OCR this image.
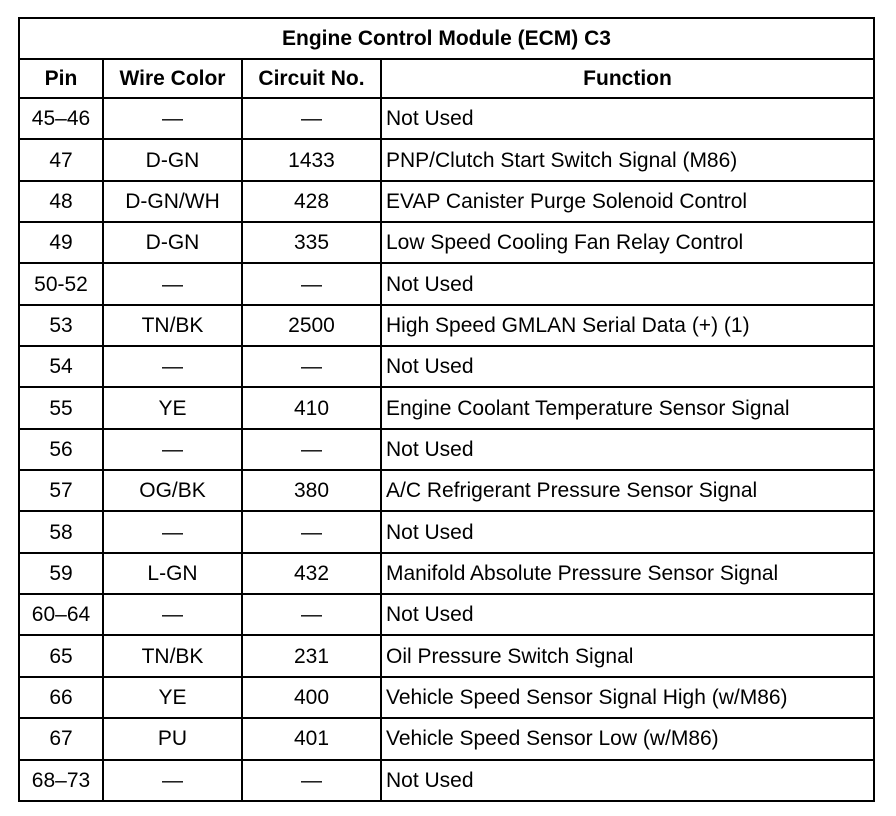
Engine Control Module (ECM) C3			
Pin	Wire Color	Circuit No.	Function
45–46	—	—	Not Used
47	D-GN	1433	PNP/Clutch Start Switch Signal (M86)
48	D-GN/WH	428	EVAP Canister Purge Solenoid Control
49	D-GN	335	Low Speed Cooling Fan Relay Control
50-52	—	—	Not Used
53	TN/BK	2500	High Speed GMLAN Serial Data (+) (1)
54	—	—	Not Used
55	YE	410	Engine Coolant Temperature Sensor Signal
56	—	—	Not Used
57	OG/BK	380	A/C Refrigerant Pressure Sensor Signal
58	—	—	Not Used
59	L-GN	432	Manifold Absolute Pressure Sensor Signal
60–64	—	—	Not Used
65	TN/BK	231	Oil Pressure Switch Signal
66	YE	400	Vehicle Speed Sensor Signal High (w/M86)
67	PU	401	Vehicle Speed Sensor Low (w/M86)
68–73	—	—	Not Used
